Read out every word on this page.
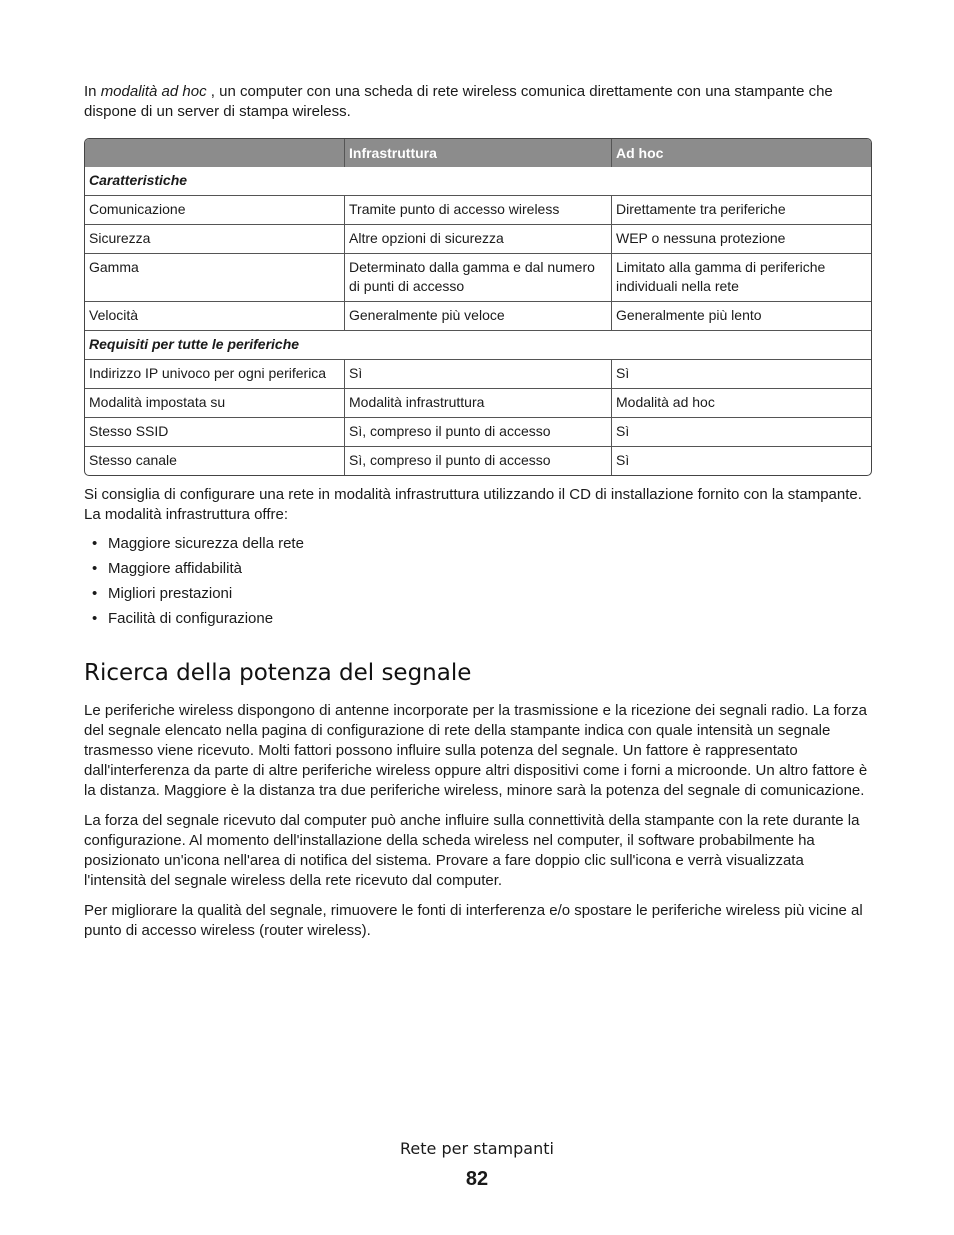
In modalità ad hoc , un computer con una scheda di rete wireless comunica direttamente con una stampante che dispone di un server di stampa wireless.

	Infrastruttura	Ad hoc
Caratteristiche		
Comunicazione	Tramite punto di accesso wireless	Direttamente tra periferiche
Sicurezza	Altre opzioni di sicurezza	WEP o nessuna protezione
Gamma	Determinato dalla gamma e dal numero di punti di accesso	Limitato alla gamma di periferiche individuali nella rete
Velocità	Generalmente più veloce	Generalmente più lento
Requisiti per tutte le periferiche		
Indirizzo IP univoco per ogni periferica	Sì	Sì
Modalità impostata su	Modalità infrastruttura	Modalità ad hoc
Stesso SSID	Sì, compreso il punto di accesso	Sì
Stesso canale	Sì, compreso il punto di accesso	Sì

Si consiglia di configurare una rete in modalità infrastruttura utilizzando il CD di installazione fornito con la stampante. La modalità infrastruttura offre:

• Maggiore sicurezza della rete
• Maggiore affidabilità
• Migliori prestazioni
• Facilità di configurazione
Ricerca della potenza del segnale

Le periferiche wireless dispongono di antenne incorporate per la trasmissione e la ricezione dei segnali radio. La forza del segnale elencato nella pagina di configurazione di rete della stampante indica con quale intensità un segnale trasmesso viene ricevuto. Molti fattori possono influire sulla potenza del segnale. Un fattore è rappresentato dall'interferenza da parte di altre periferiche wireless oppure altri dispositivi come i forni a microonde. Un altro fattore è la distanza. Maggiore è la distanza tra due periferiche wireless, minore sarà la potenza del segnale di comunicazione.

La forza del segnale ricevuto dal computer può anche influire sulla connettività della stampante con la rete durante la configurazione. Al momento dell'installazione della scheda wireless nel computer, il software probabilmente ha posizionato un'icona nell'area di notifica del sistema. Provare a fare doppio clic sull'icona e verrà visualizzata l'intensità del segnale wireless della rete ricevuto dal computer.

Per migliorare la qualità del segnale, rimuovere le fonti di interferenza e/o spostare le periferiche wireless più vicine al punto di accesso wireless (router wireless).

Rete per stampanti
82
